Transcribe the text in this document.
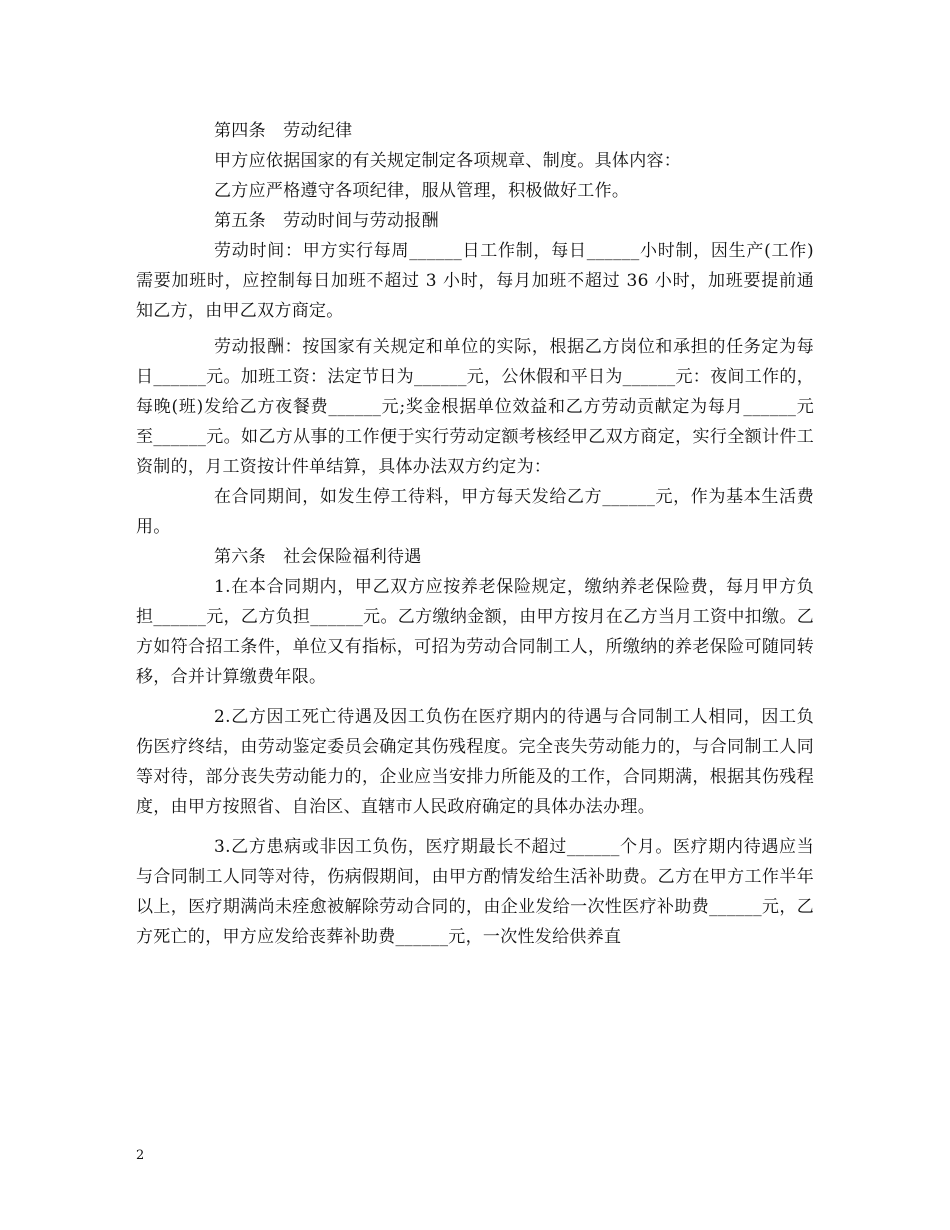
第四条　劳动纪律

甲方应依据国家的有关规定制定各项规章、制度。具体内容：

乙方应严格遵守各项纪律，服从管理，积极做好工作。

第五条　劳动时间与劳动报酬

劳动时间：甲方实行每周______日工作制，每日______小时制，因生产(工作)需要加班时，应控制每日加班不超过 3 小时，每月加班不超过 36 小时，加班要提前通知乙方，由甲乙双方商定。

劳动报酬：按国家有关规定和单位的实际，根据乙方岗位和承担的任务定为每日______元。加班工资：法定节日为______元，公休假和平日为______元：夜间工作的，每晚(班)发给乙方夜餐费______元;奖金根据单位效益和乙方劳动贡献定为每月______元至______元。如乙方从事的工作便于实行劳动定额考核经甲乙双方商定，实行全额计件工资制的，月工资按计件单结算，具体办法双方约定为：

在合同期间，如发生停工待料，甲方每天发给乙方______元，作为基本生活费用。

第六条　社会保险福利待遇

1.在本合同期内，甲乙双方应按养老保险规定，缴纳养老保险费，每月甲方负担______元，乙方负担______元。乙方缴纳金额，由甲方按月在乙方当月工资中扣缴。乙方如符合招工条件，单位又有指标，可招为劳动合同制工人，所缴纳的养老保险可随同转移，合并计算缴费年限。

2.乙方因工死亡待遇及因工负伤在医疗期内的待遇与合同制工人相同，因工负伤医疗终结，由劳动鉴定委员会确定其伤残程度。完全丧失劳动能力的，与合同制工人同等对待，部分丧失劳动能力的，企业应当安排力所能及的工作，合同期满，根据其伤残程度，由甲方按照省、自治区、直辖市人民政府确定的具体办法办理。

3.乙方患病或非因工负伤，医疗期最长不超过______个月。医疗期内待遇应当与合同制工人同等对待，伤病假期间，由甲方酌情发给生活补助费。乙方在甲方工作半年以上，医疗期满尚未痊愈被解除劳动合同的，由企业发给一次性医疗补助费______元，乙方死亡的，甲方应发给丧葬补助费______元，一次性发给供养直

2
